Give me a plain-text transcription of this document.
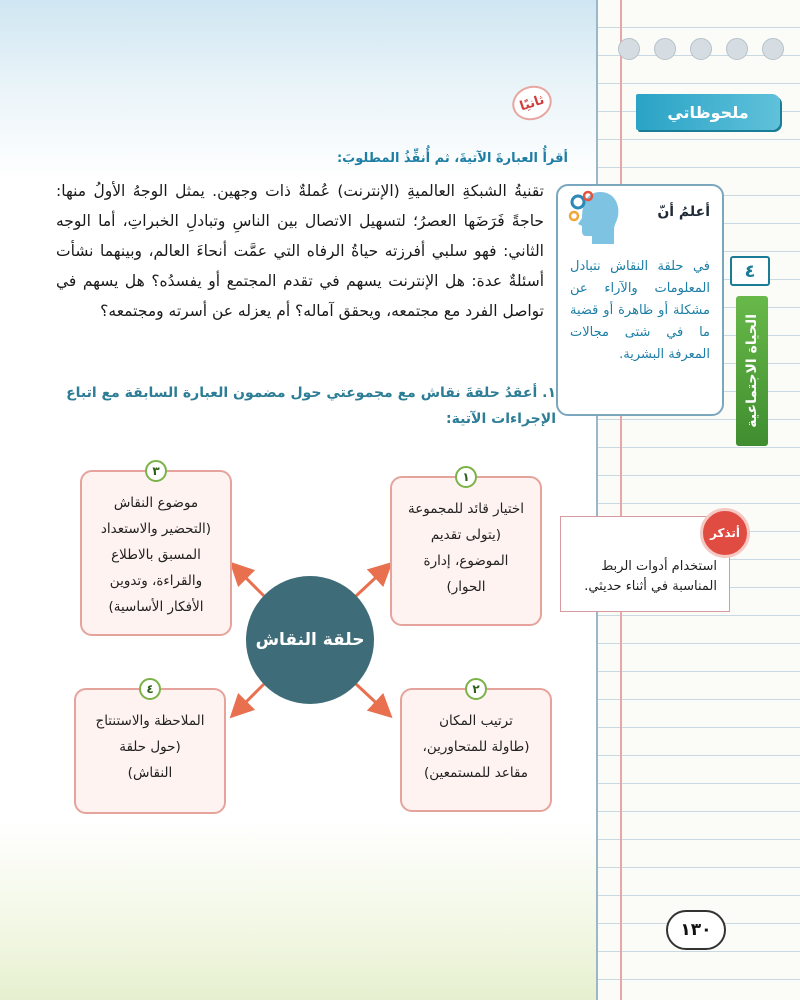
ملحوظاتي
٤
الحياة الاجتماعية
أعلمُ أنّ
في حلقة النقاش نتبادل المعلومات والآراء عن مشكلة أو ظاهرة أو قضية ما في شتى مجالات المعرفة البشرية.
استخدام أدوات الربط المناسبة في أثناء حديثي.
أتذكر
ثانيًا
أقرأُ العبارةَ الآتيةَ، ثم أُنفِّذُ المطلوبَ:
تقنيةُ الشبكةِ العالميةِ (الإنترنت) عُملةٌ ذات وجهين. يمثل الوجهُ الأولُ منها: حاجةً فَرَضَها العصرُ؛ لتسهيل الاتصال بين الناسِ وتبادلِ الخبراتِ، أما الوجه الثاني: فهو سلبي أفرزته حياةُ الرفاه التي عمَّت أنحاءَ العالم، وبينهما نشأت أسئلةٌ عدة: هل الإنترنت يسهم في تقدم المجتمع أو يفسدُه؟ هل يسهم في تواصل الفرد مع مجتمعه، ويحقق آماله؟ أم يعزله عن أسرته ومجتمعه؟
١. أعقدُ حلقةَ نقاش مع مجموعتي حول مضمون العبارة السابقة مع اتباع الإجراءات الآتية:
حلقة النقاش
١
اختيار قائد للمجموعة
(يتولى تقديم
الموضوع، إدارة
الحوار)
٢
ترتيب المكان
(طاولة للمتحاورين،
مقاعد للمستمعين)
٣
موضوع النقاش
(التحضير والاستعداد
المسبق بالاطلاع
والقراءة، وتدوين
الأفكار الأساسية)
٤
الملاحظة والاستنتاج
(حول حلقة
النقاش)
١٣٠
